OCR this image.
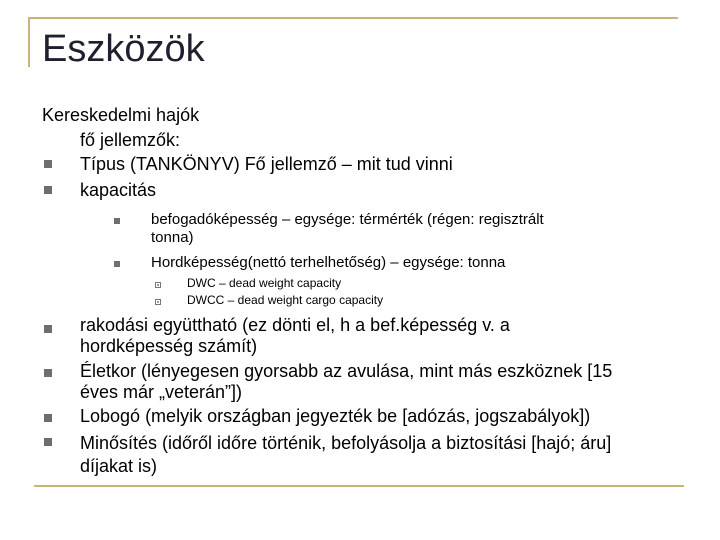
Eszközök
Kereskedelmi hajók
fő jellemzők:
Típus (TANKÖNYV) Fő jellemző – mit tud vinni
kapacitás
befogadóképesség – egysége: térmérték (régen: regisztrált
tonna)
Hordképesség(nettó terhelhetőség) – egysége: tonna
DWC – dead weight capacity
DWCC – dead weight cargo capacity
rakodási együttható (ez dönti el, h a bef.képesség v. a
hordképesség számít)
Életkor (lényegesen gyorsabb az avulása, mint más eszköznek [15
éves már „veterán”])
Lobogó (melyik országban jegyezték be [adózás, jogszabályok])
Minősítés (időről időre történik, befolyásolja a biztosítási [hajó; áru]
díjakat is)
